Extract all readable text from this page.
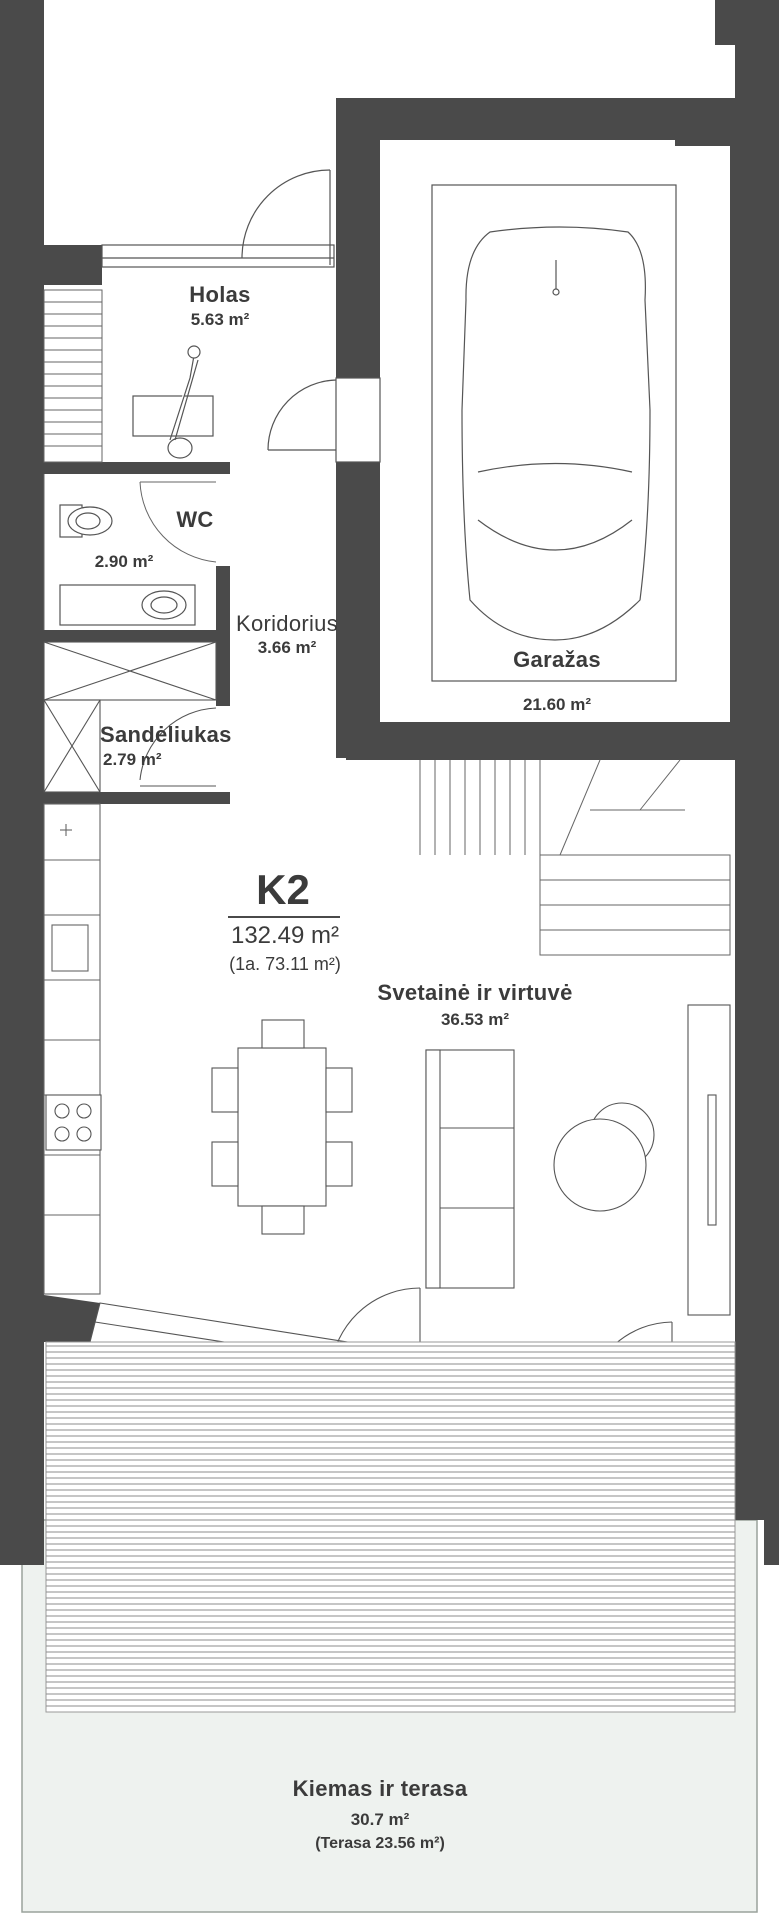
Holas
5.63 m²
WC
2.90 m²
Koridorius
3.66 m²
Sandėliukas
2.79 m²
Garažas
21.60 m²
K2
132.49 m²
(1a. 73.11 m²)
Svetainė ir virtuvė
36.53 m²
Kiemas ir terasa
30.7 m²
(Terasa 23.56 m²)
